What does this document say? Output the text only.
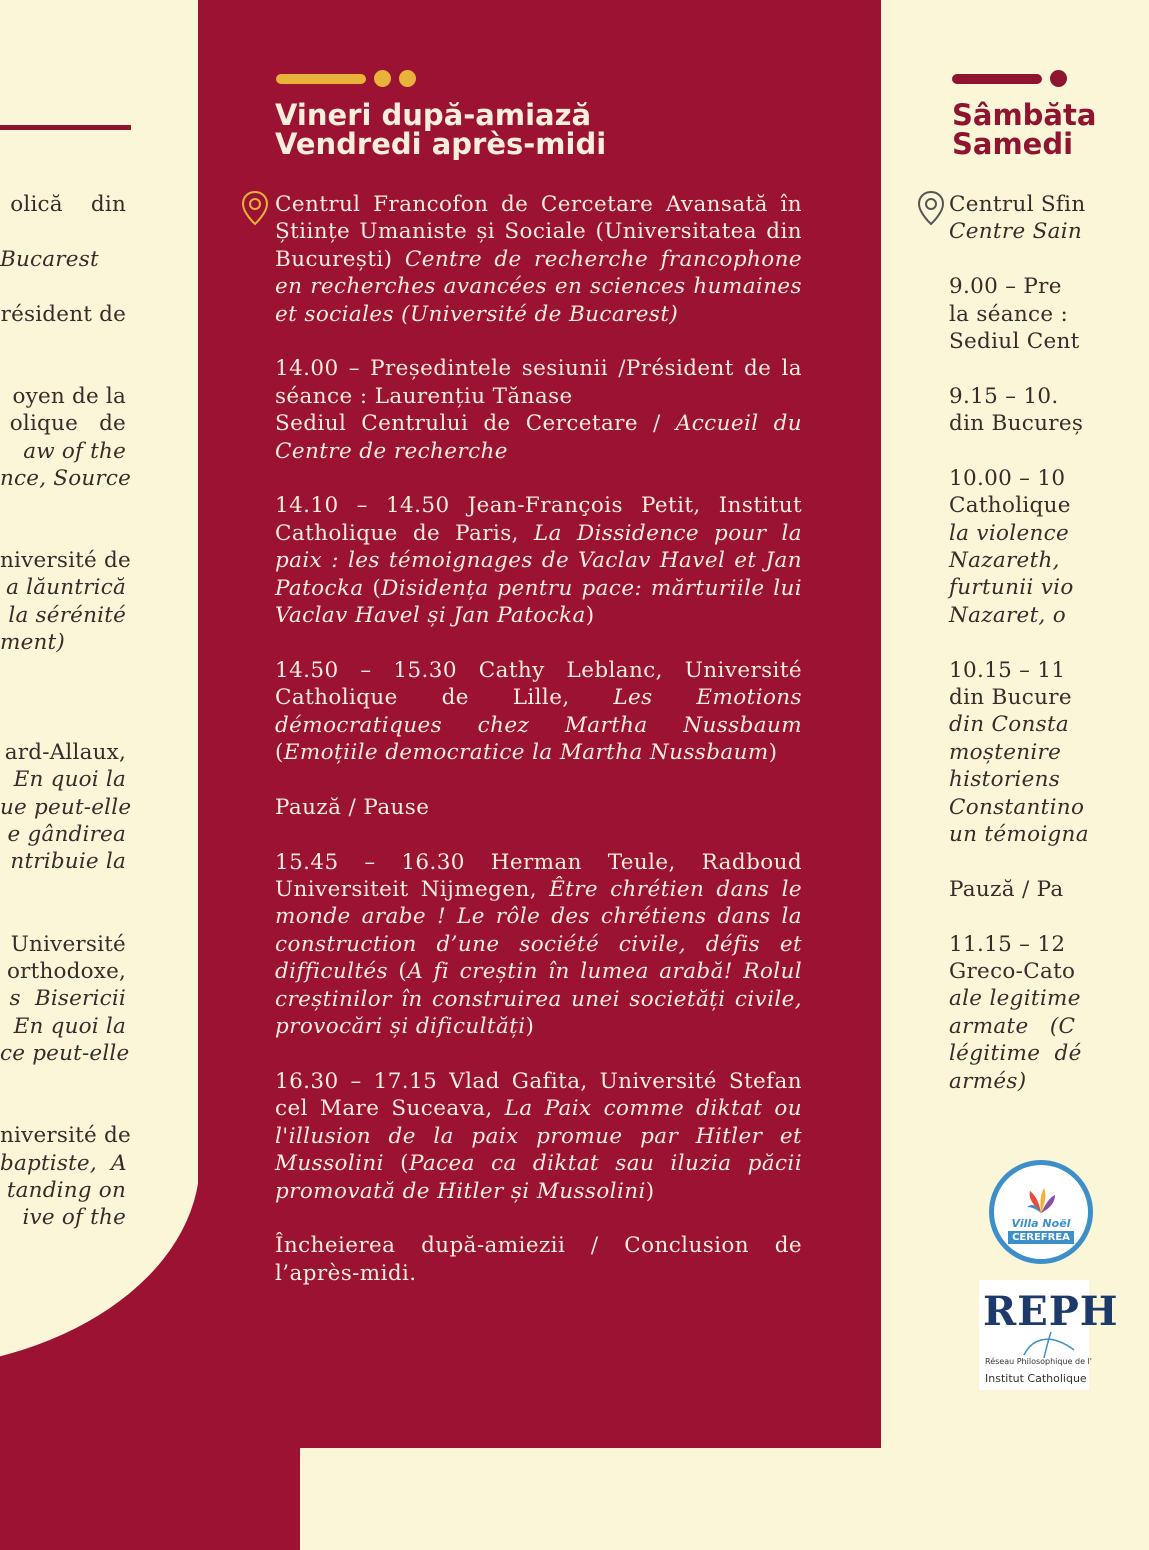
olică    din
Bucarest
résident de
oyen de la
olique   de
aw of the
nce, Source
niversité de
a lăuntrică
la sérénité
ment)
ard-Allaux,
En quoi la
ue peut-elle
e gândirea
ntribuie la
Université
orthodoxe,
s  Bisericii
En quoi la
ce peut-elle
niversité de
baptiste,  A
tanding on
ive of the
Vineri după-amiază
Vendredi après-midi

Centrul Francofon de Cercetare Avansată în Științe Umaniste și Sociale (Universitatea din București) Centre de recherche francophone en recherches avancées en sciences humaines et sociales (Université de Bucarest)

14.00 – Președintele sesiunii /Président de la séance : Laurențiu Tănase
Sediul Centrului de Cercetare / Accueil du Centre de recherche

14.10 – 14.50 Jean-François Petit, Institut Catholique de Paris, La Dissidence pour la paix : les témoignages de Vaclav Havel et Jan Patocka (Disidența pentru pace: mărturiile lui Vaclav Havel și Jan Patocka)

14.50 – 15.30 Cathy Leblanc, Université Catholique de Lille, Les Emotions démocratiques chez Martha Nussbaum (Emoțiile democratice la Martha Nussbaum)

Pauză / Pause

15.45 – 16.30 Herman Teule, Radboud Universiteit Nijmegen, Être chrétien dans le monde arabe ! Le rôle des chrétiens dans la construction d’une société civile, défis et difficultés (A fi creștin în lumea arabă! Rolul creștinilor în construirea unei societăți civile, provocări și dificultăți)

16.30 – 17.15 Vlad Gafita, Université Stefan cel Mare Suceava, La Paix comme diktat ou l'illusion de la paix promue par Hitler et Mussolini (Pacea ca diktat sau iluzia păcii promovată de Hitler și Mussolini)

Încheierea după-amiezii / Conclusion de l’après-midi.

Sâmbăta
Samedi
Centrul Sfin
Centre Sain
9.00 – Pre
la séance :
Sediul Cent
9.15 – 10.
din Bucureș
10.00 – 10
Catholique
la violence
Nazareth,
furtunii vio
Nazaret, o
10.15 – 11
din Bucure
din Consta
moștenire
historiens
Constantino
un témoigna
Pauză / Pa
11.15 – 12
Greco-Cato
ale legitime
armate   (C
légitime  dé
armés)
Villa Noël
CEREFREA
REPH
Réseau Philosophique de l'
Institut Catholique
